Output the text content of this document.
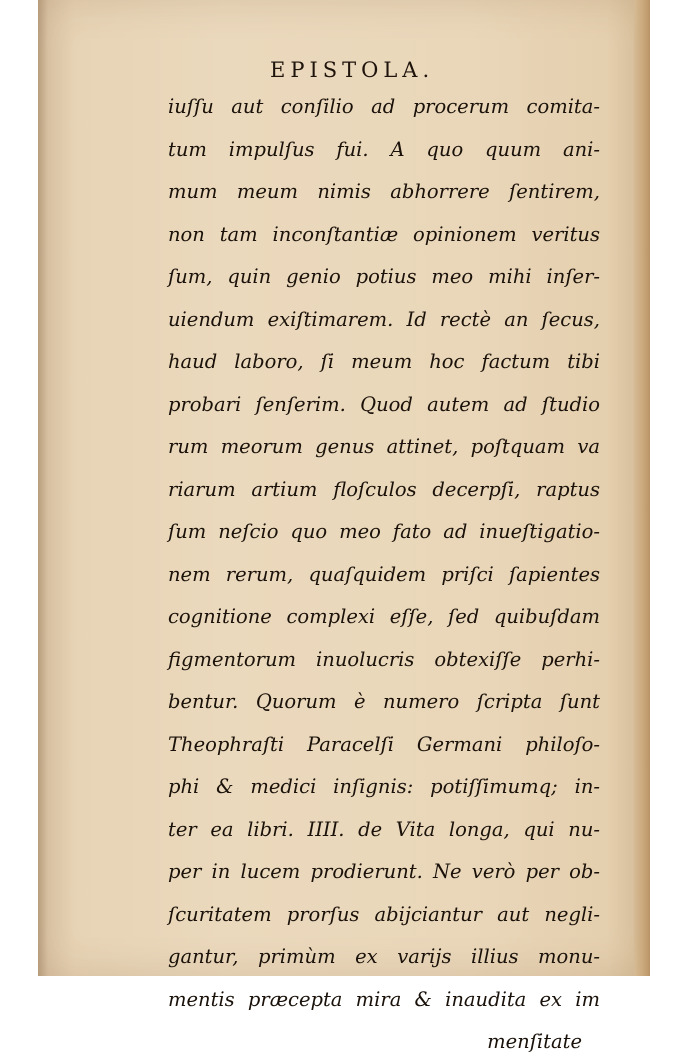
EPISTOLA.
iuſſu aut conſilio ad procerum comita-
tum impulſus fui. A quo quum ani-
mum meum nimis abhorrere ſentirem,
non tam inconſtantiæ opinionem veritus
ſum, quin genio potius meo mihi inſer-
uiendum exiſtimarem. Id rectè an ſecus,
haud laboro, ſi meum hoc factum tibi
probari ſenſerim. Quod autem ad ſtudio
rum meorum genus attinet, poſtquam va
riarum artium floſculos decerpſi, raptus
ſum neſcio quo meo fato ad inueſtigatio-
nem rerum, quaſquidem priſci ſapientes
cognitione complexi eſſe, ſed quibuſdam
figmentorum inuolucris obtexiſſe perhi-
bentur. Quorum è numero ſcripta ſunt
Theophraſti Paracelſi Germani philoſo-
phi & medici inſignis: potiſſimumq; in-
ter ea libri. IIII. de Vita longa, qui nu-
per in lucem prodierunt. Ne verò per ob-
ſcuritatem prorſus abijciantur aut negli-
gantur, primùm ex varijs illius monu-
mentis præcepta mira & inaudita ex im
menſitate
